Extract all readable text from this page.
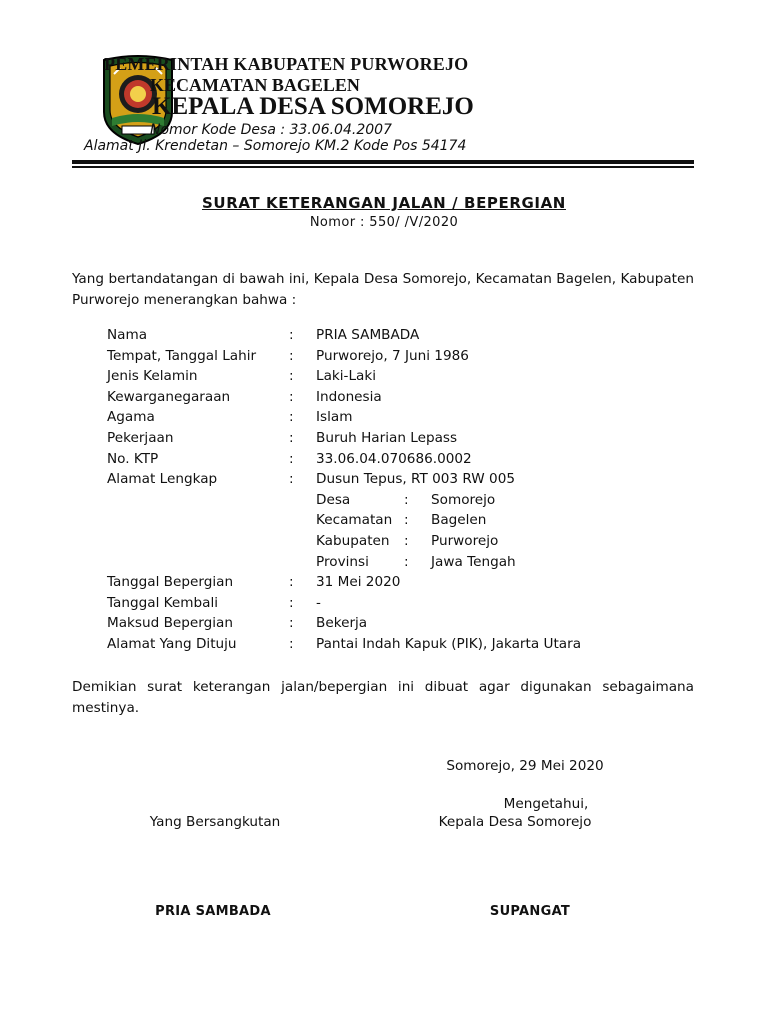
PEMERINTAH KABUPATEN PURWOREJO
KECAMATAN BAGELEN
KEPALA DESA SOMOREJO
Nomor Kode Desa : 33.06.04.2007
Alamat Jl. Krendetan – Somorejo KM.2 Kode Pos 54174
SURAT KETERANGAN JALAN / BEPERGIAN
Nomor : 550/ /V/2020
Yang bertandatangan di bawah ini, Kepala Desa Somorejo, Kecamatan Bagelen, Kabupaten Purworejo menerangkan bahwa :
Nama	: PRIA SAMBADA
Tempat, Tanggal Lahir : Purworejo, 7 Juni 1986
Jenis Kelamin	: Laki-Laki
Kewarganegaraan	: Indonesia
Agama	: Islam
Pekerjaan	: Buruh Harian Lepass
No. KTP	: 33.06.04.070686.0002
Alamat Lengkap	: Dusun Tepus, RT 003 RW 005
Desa	: Somorejo
Kecamatan : Bagelen
Kabupaten : Purworejo
Provinsi	: Jawa Tengah
Tanggal Bepergian	: 31 Mei 2020
Tanggal Kembali	: -
Maksud Bepergian	: Bekerja
Alamat Yang Dituju	: Pantai Indah Kapuk (PIK), Jakarta Utara
Demikian surat keterangan jalan/bepergian ini dibuat agar digunakan sebagaimana mestinya.
Somorejo, 29 Mei 2020
Mengetahui,
Kepala Desa Somorejo
Yang Bersangkutan
PRIA SAMBADA	SUPANGAT
